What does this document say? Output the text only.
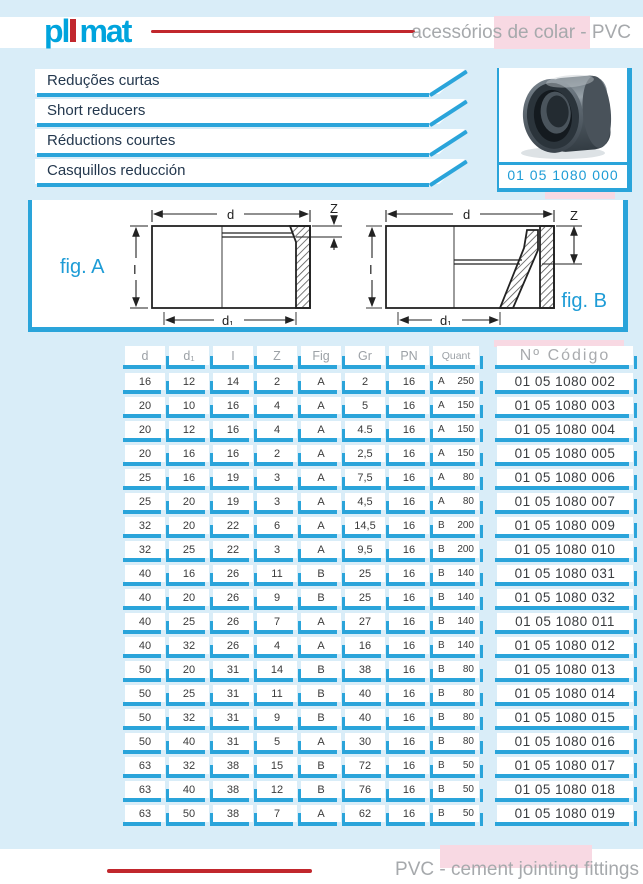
pl mat	acessórios de colar - PVC
Reduções curtas
Short reducers
Réductions courtes
Casquillos reducción	01 05 1080 000
fig. A
fig. B
d	Z
I
d₁
d	Z
I
d₁
d	d₁	I	Z	Fig	Gr	PN	Quant	Nº Código
16	12	14	2	A	2	16	A 250	01 05 1080 002
20	10	16	4	A	5	16	A 150	01 05 1080 003
20	12	16	4	A	4.5	16	A 150	01 05 1080 004
20	16	16	2	A	2,5	16	A 150	01 05 1080 005
25	16	19	3	A	7,5	16	A 80	01 05 1080 006
25	20	19	3	A	4,5	16	A 80	01 05 1080 007
32	20	22	6	A	14,5	16	B 200	01 05 1080 009
32	25	22	3	A	9,5	16	B 200	01 05 1080 010
40	16	26	11	B	25	16	B 140	01 05 1080 031
40	20	26	9	B	25	16	B 140	01 05 1080 032
40	25	26	7	A	27	16	B 140	01 05 1080 011
40	32	26	4	A	16	16	B 140	01 05 1080 012
50	20	31	14	B	38	16	B 80	01 05 1080 013
50	25	31	11	B	40	16	B 80	01 05 1080 014
50	32	31	9	B	40	16	B 80	01 05 1080 015
50	40	31	5	A	30	16	B 80	01 05 1080 016
63	32	38	15	B	72	16	B 50	01 05 1080 017
63	40	38	12	B	76	16	B 50	01 05 1080 018
63	50	38	7	A	62	16	B 50	01 05 1080 019
PVC - cement jointing fittings
